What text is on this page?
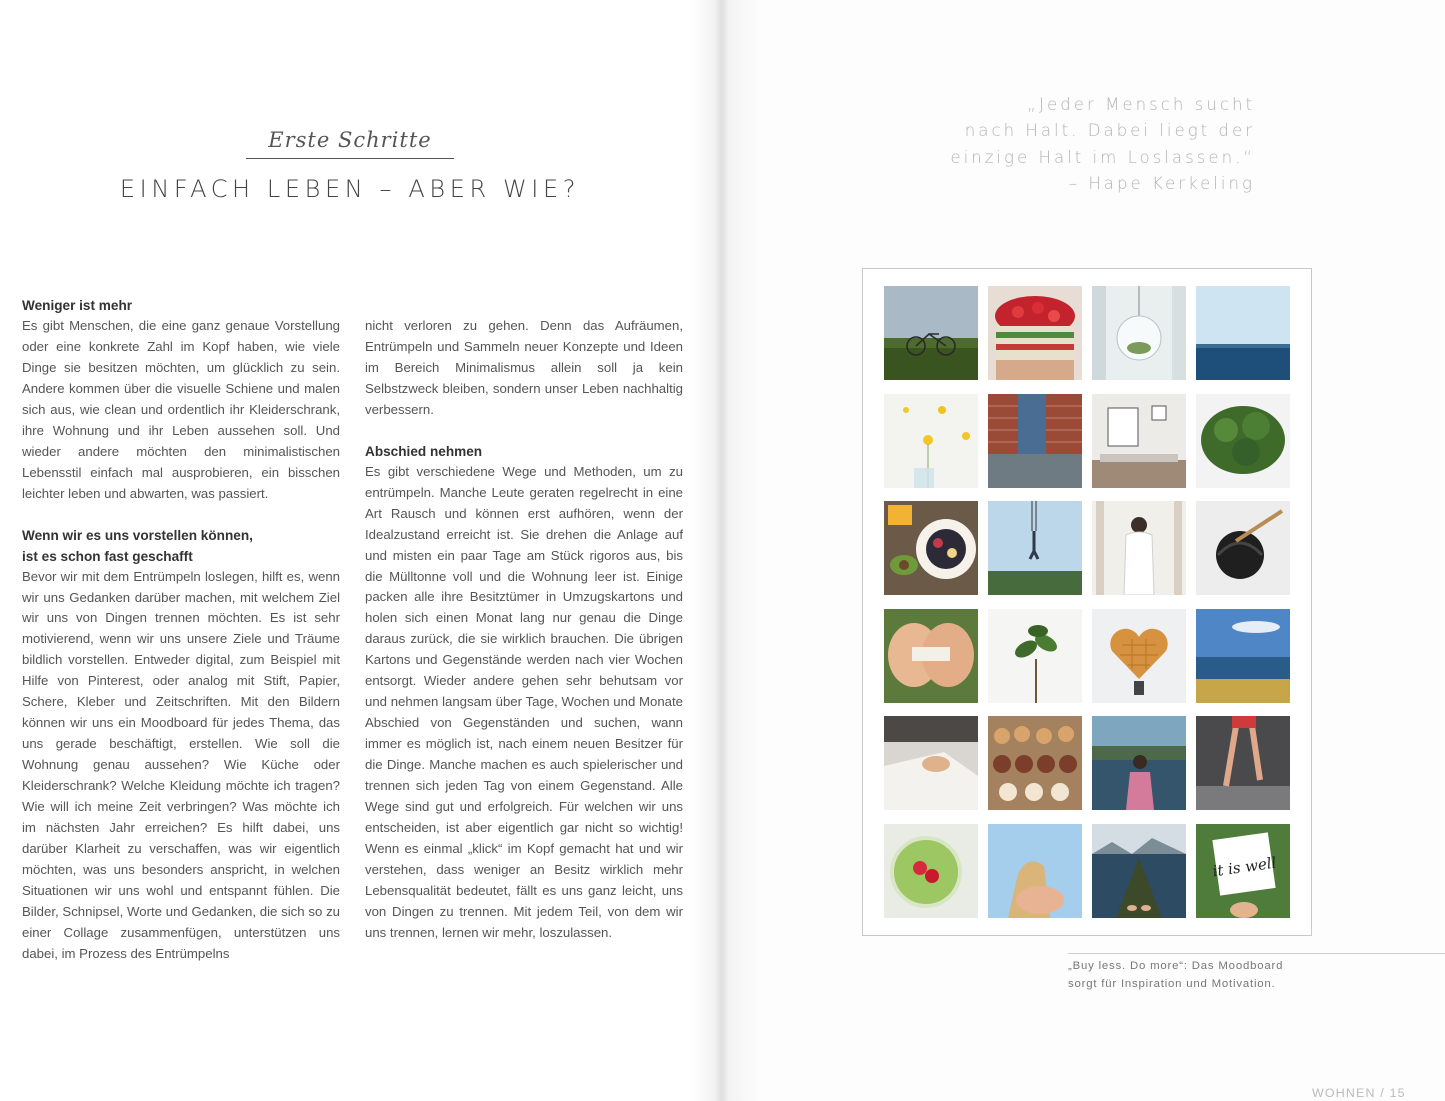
Erste Schritte
EINFACH LEBEN – ABER WIE?
Weniger ist mehr

Es gibt Menschen, die eine ganz genaue Vorstellung oder eine konkrete Zahl im Kopf haben, wie viele Dinge sie besitzen möchten, um glücklich zu sein. Andere kommen über die visuelle Schiene und malen sich aus, wie clean und ordentlich ihr Kleiderschrank, ihre Wohnung und ihr Leben aussehen soll. Und wieder andere möchten den minimalistischen Lebensstil einfach mal ausprobieren, ein bisschen leichter leben und abwarten, was passiert.

Wenn wir es uns vorstellen können,
ist es schon fast geschafft

Bevor wir mit dem Entrümpeln loslegen, hilft es, wenn wir uns Gedanken darüber machen, mit welchem Ziel wir uns von Dingen trennen möchten. Es ist sehr motivierend, wenn wir uns unsere Ziele und Träume bildlich vorstellen. Entweder digital, zum Beispiel mit Hilfe von Pinterest, oder analog mit Stift, Papier, Schere, Kleber und Zeitschriften. Mit den Bildern können wir uns ein Moodboard für jedes Thema, das uns gerade beschäftigt, erstellen. Wie soll die Wohnung genau aussehen? Wie Küche oder Kleiderschrank? Welche Kleidung möchte ich tragen? Wie will ich meine Zeit verbringen? Was möchte ich im nächsten Jahr erreichen? Es hilft dabei, uns darüber Klarheit zu verschaffen, was wir eigentlich möchten, was uns besonders anspricht, in welchen Situationen wir uns wohl und entspannt fühlen. Die Bilder, Schnipsel, Worte und Gedanken, die sich so zu einer Collage zusammenfügen, unterstützen uns dabei, im Prozess des Entrümpelns

nicht verloren zu gehen. Denn das Aufräumen, Entrümpeln und Sammeln neuer Konzepte und Ideen im Bereich Minimalismus allein soll ja kein Selbstzweck bleiben, sondern unser Leben nachhaltig verbessern.

Abschied nehmen

Es gibt verschiedene Wege und Methoden, um zu entrümpeln. Manche Leute geraten regelrecht in eine Art Rausch und können erst aufhören, wenn der Idealzustand erreicht ist. Sie drehen die Anlage auf und misten ein paar Tage am Stück rigoros aus, bis die Mülltonne voll und die Wohnung leer ist. Einige packen alle ihre Besitztümer in Umzugskartons und holen sich einen Monat lang nur genau die Dinge daraus zurück, die sie wirklich brauchen. Die übrigen Kartons und Gegenstände werden nach vier Wochen entsorgt. Wieder andere gehen sehr behutsam vor und nehmen langsam über Tage, Wochen und Monate Abschied von Gegenständen und suchen, wann immer es möglich ist, nach einem neuen Besitzer für die Dinge. Manche machen es auch spielerischer und trennen sich jeden Tag von einem Gegenstand. Alle Wege sind gut und erfolgreich. Für welchen wir uns entscheiden, ist aber eigentlich gar nicht so wichtig! Wenn es einmal „klick“ im Kopf gemacht hat und wir verstehen, dass weniger an Besitz wirklich mehr Lebensqualität bedeutet, fällt es uns ganz leicht, uns von Dingen zu trennen. Mit jedem Teil, von dem wir uns trennen, lernen wir mehr, loszulassen.

„Jeder Mensch sucht
nach Halt. Dabei liegt der
einzige Halt im Loslassen.“
– Hape Kerkeling
it is well
„Buy less. Do more“: Das Moodboard
sorgt für Inspiration und Motivation.
WOHNEN / 15
